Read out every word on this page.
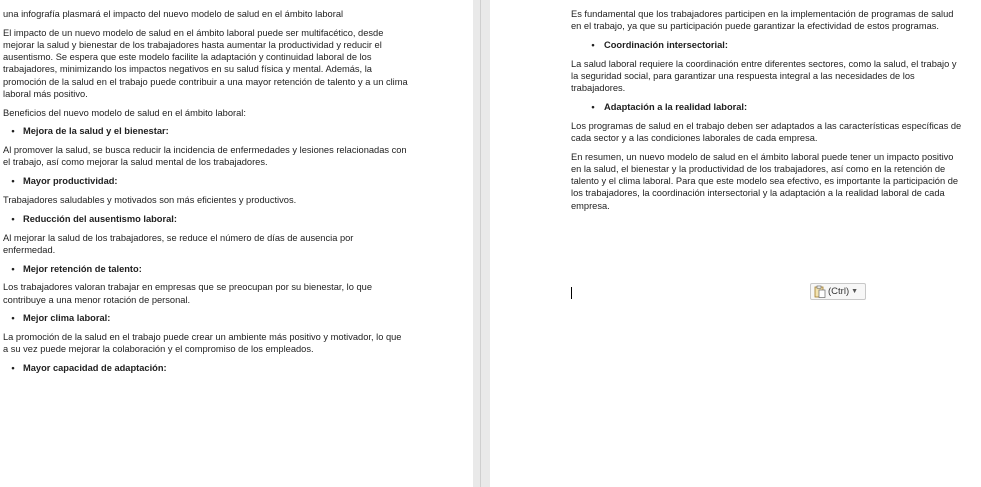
una infografía plasmará el impacto del nuevo modelo de salud en el ámbito laboral

El impacto de un nuevo modelo de salud en el ámbito laboral puede ser multifacético, desde mejorar la salud y bienestar de los trabajadores hasta aumentar la productividad y reducir el ausentismo. Se espera que este modelo facilite la adaptación y continuidad laboral de los trabajadores, minimizando los impactos negativos en su salud física y mental. Además, la promoción de la salud en el trabajo puede contribuir a una mayor retención de talento y a un clima laboral más positivo.

Beneficios del nuevo modelo de salud en el ámbito laboral:

• Mejora de la salud y el bienestar:

Al promover la salud, se busca reducir la incidencia de enfermedades y lesiones relacionadas con el trabajo, así como mejorar la salud mental de los trabajadores.

• Mayor productividad:

Trabajadores saludables y motivados son más eficientes y productivos.

• Reducción del ausentismo laboral:

Al mejorar la salud de los trabajadores, se reduce el número de días de ausencia por enfermedad.

• Mejor retención de talento:

Los trabajadores valoran trabajar en empresas que se preocupan por su bienestar, lo que contribuye a una menor rotación de personal.

• Mejor clima laboral:

La promoción de la salud en el trabajo puede crear un ambiente más positivo y motivador, lo que a su vez puede mejorar la colaboración y el compromiso de los empleados.

• Mayor capacidad de adaptación:

Es fundamental que los trabajadores participen en la implementación de programas de salud en el trabajo, ya que su participación puede garantizar la efectividad de estos programas.

•	Coordinación intersectorial:

La salud laboral requiere la coordinación entre diferentes sectores, como la salud, el trabajo y la seguridad social, para garantizar una respuesta integral a las necesidades de los trabajadores.

•	Adaptación a la realidad laboral:

Los programas de salud en el trabajo deben ser adaptados a las características específicas de cada sector y a las condiciones laborales de cada empresa.

En resumen, un nuevo modelo de salud en el ámbito laboral puede tener un impacto positivo en la salud, el bienestar y la productividad de los trabajadores, así como en la retención de talento y el clima laboral. Para que este modelo sea efectivo, es importante la participación de los trabajadores, la coordinación intersectorial y la adaptación a la realidad laboral de cada empresa.

(Ctrl) ▼
